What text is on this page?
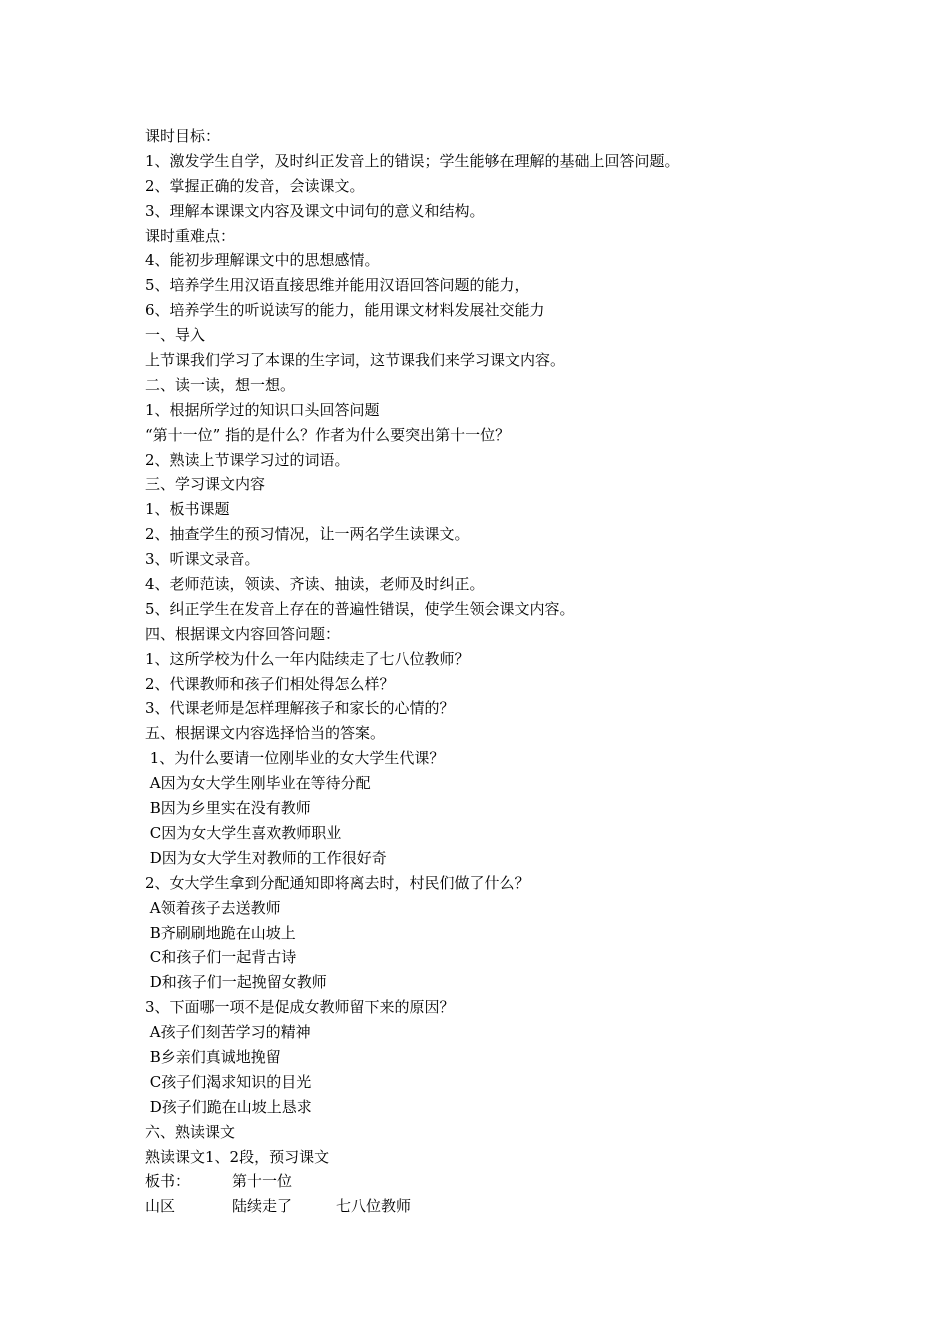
课时目标：
1、激发学生自学，及时纠正发音上的错误；学生能够在理解的基础上回答问题。
2、掌握正确的发音，会读课文。
3、理解本课课文内容及课文中词句的意义和结构。
课时重难点：
4、能初步理解课文中的思想感情。
5、培养学生用汉语直接思维并能用汉语回答问题的能力，
6、培养学生的听说读写的能力，能用课文材料发展社交能力
一、导入
上节课我们学习了本课的生字词，这节课我们来学习课文内容。
二、读一读，想一想。
1、根据所学过的知识口头回答问题
“第十一位” 指的是什么？作者为什么要突出第十一位？
2、熟读上节课学习过的词语。
三、学习课文内容
1、板书课题
2、抽查学生的预习情况，让一两名学生读课文。
3、听课文录音。
4、老师范读，领读、齐读、抽读，老师及时纠正。
5、纠正学生在发音上存在的普遍性错误，使学生领会课文内容。
四、根据课文内容回答问题：
1、这所学校为什么一年内陆续走了七八位教师？
2、代课教师和孩子们相处得怎么样？
3、代课老师是怎样理解孩子和家长的心情的？
五、根据课文内容选择恰当的答案。
1、为什么要请一位刚毕业的女大学生代课？
A因为女大学生刚毕业在等待分配
B因为乡里实在没有教师
C因为女大学生喜欢教师职业
D因为女大学生对教师的工作很好奇
2、女大学生拿到分配通知即将离去时，村民们做了什么？
A领着孩子去送教师
B齐刷刷地跪在山坡上
C和孩子们一起背古诗
D和孩子们一起挽留女教师
3、下面哪一项不是促成女教师留下来的原因？
A孩子们刻苦学习的精神
B乡亲们真诚地挽留
C孩子们渴求知识的目光
D孩子们跪在山坡上恳求
六、熟读课文
熟读课文1、2段，预习课文
板书：	第十一位
山区	陆续走了	七八位教师
